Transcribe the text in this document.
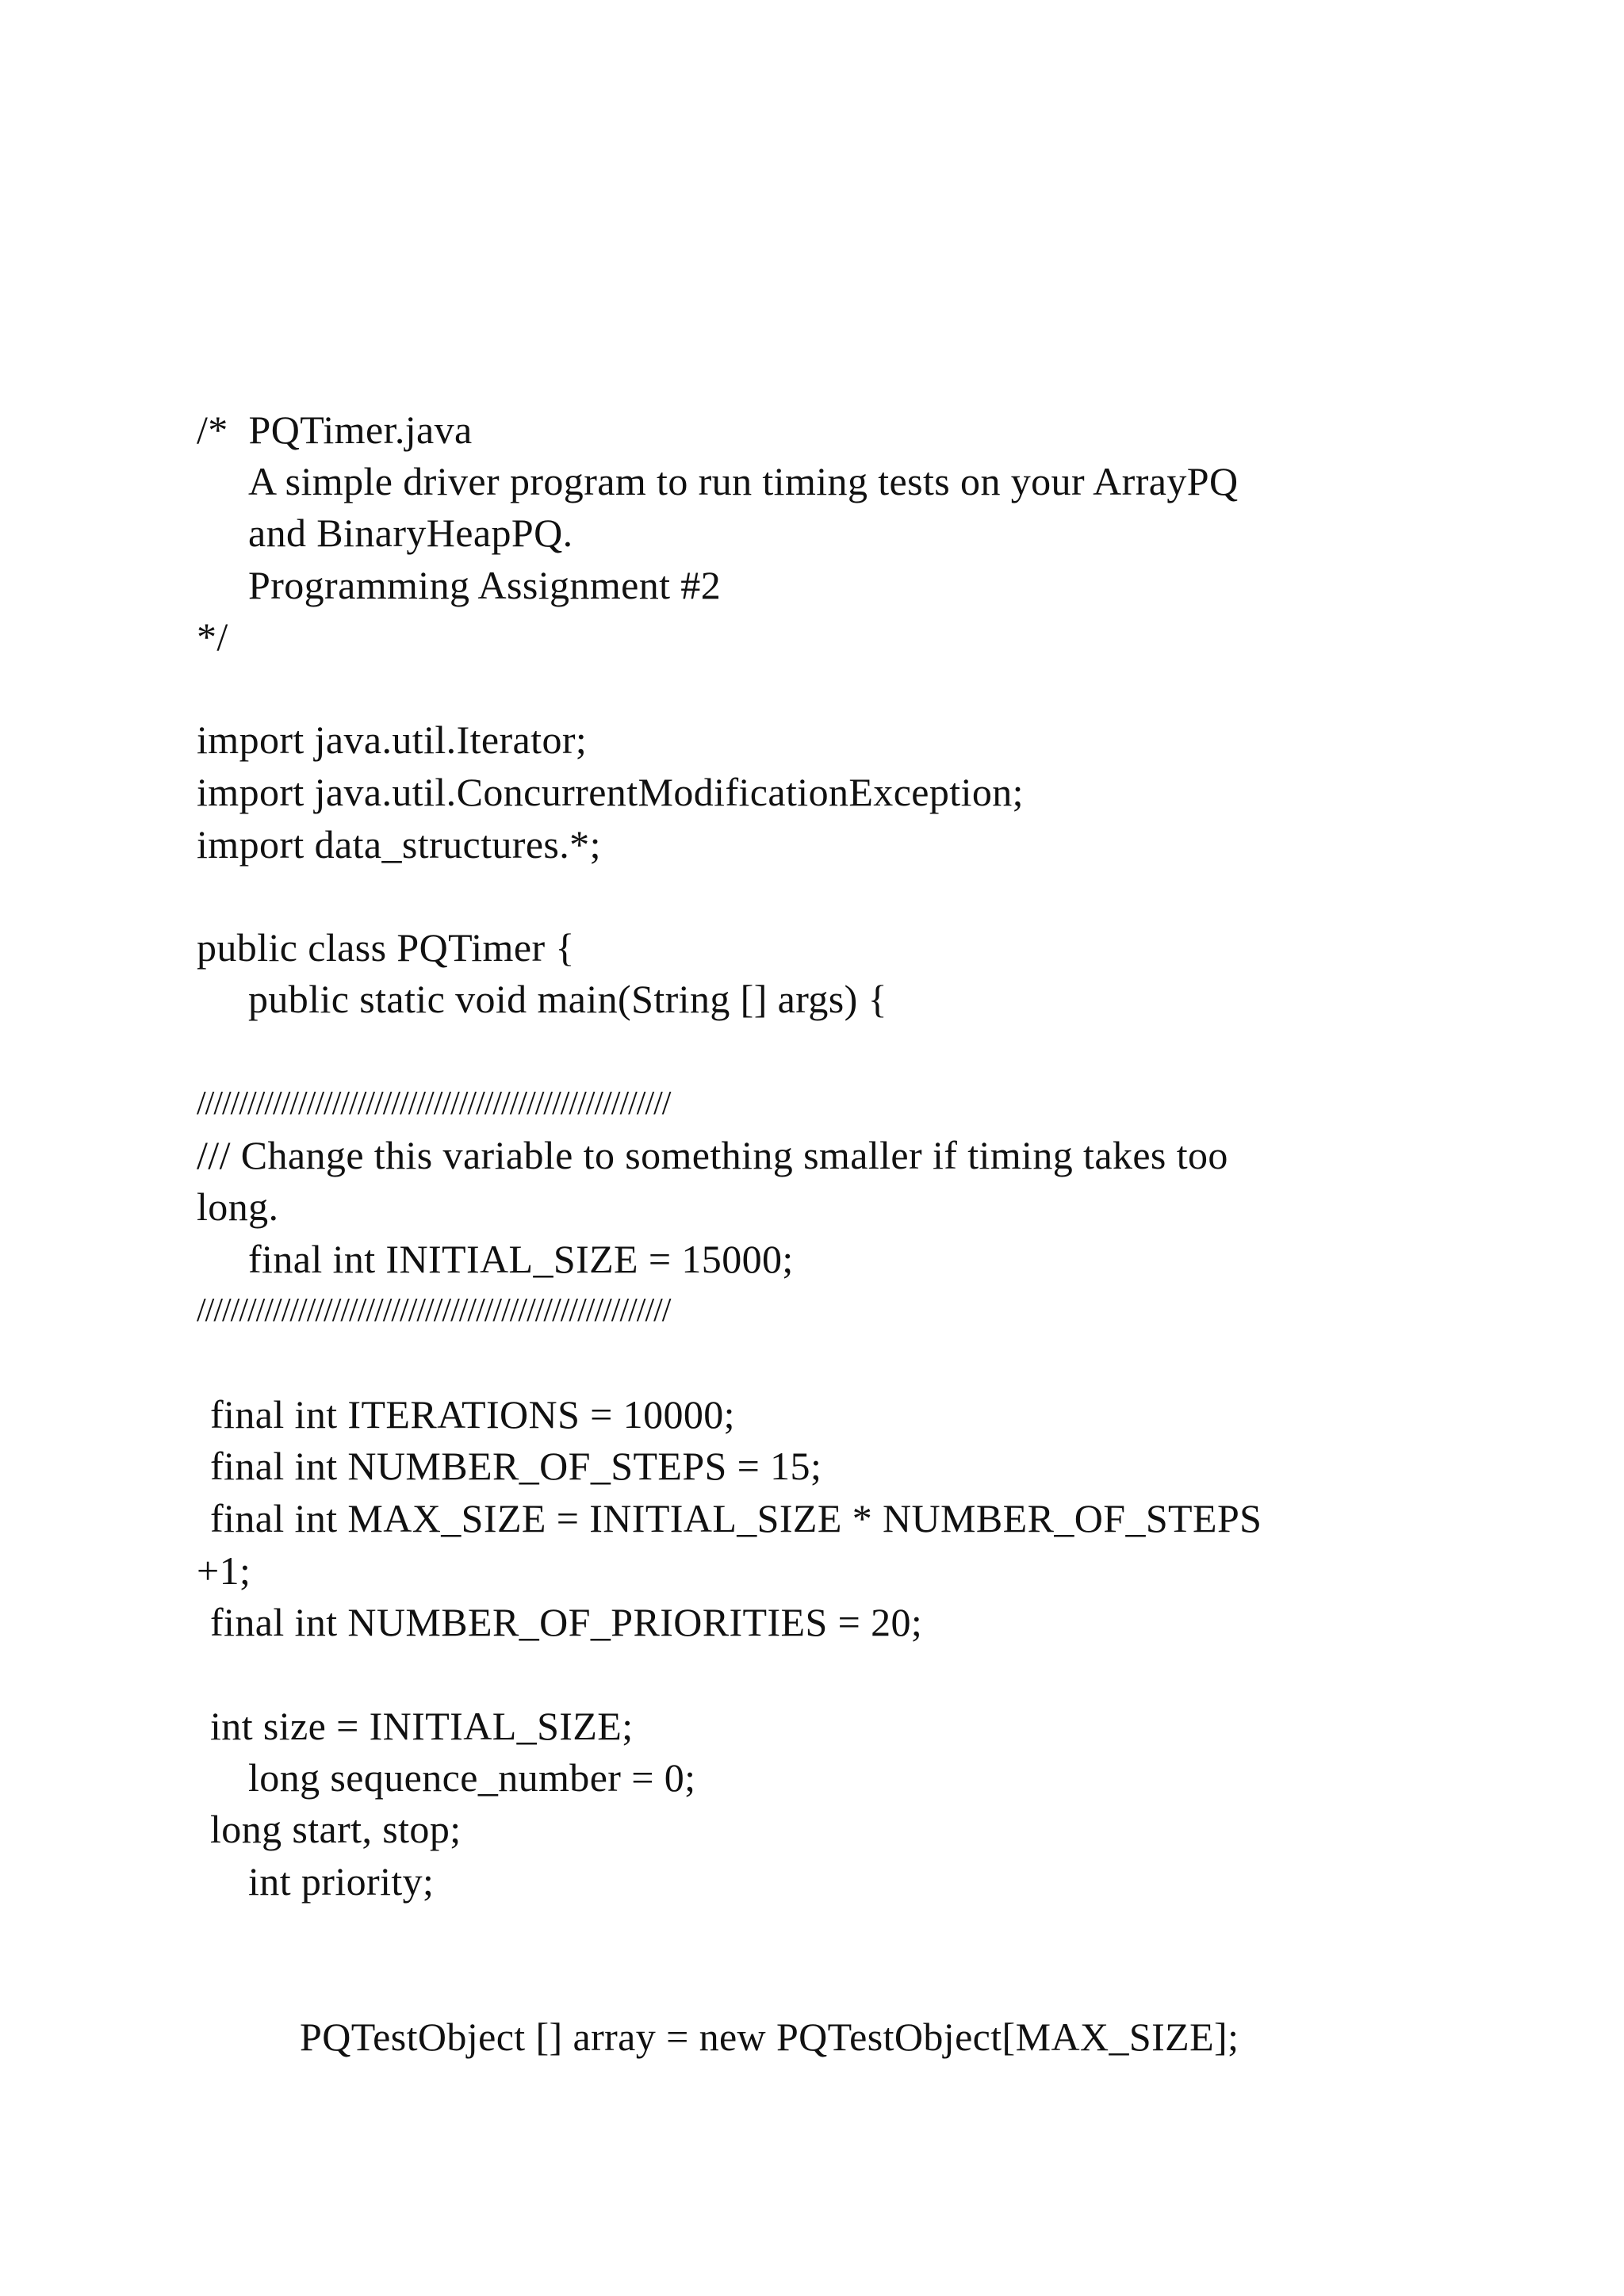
/*  PQTimer.java
A simple driver program to run timing tests on your ArrayPQ
and BinaryHeapPQ.
Programming Assignment #2
*/
import java.util.Iterator;
import java.util.ConcurrentModificationException;
import data_structures.*;
public class PQTimer {
public static void main(String [] args) {
////////////////////////////////////////////////////////
/// Change this variable to something smaller if timing takes too
long.
final int INITIAL_SIZE = 15000;
////////////////////////////////////////////////////////
final int ITERATIONS = 10000;
final int NUMBER_OF_STEPS = 15;
final int MAX_SIZE = INITIAL_SIZE * NUMBER_OF_STEPS
+1;
final int NUMBER_OF_PRIORITIES = 20;
int size = INITIAL_SIZE;
long sequence_number = 0;
long start, stop;
int priority;
PQTestObject [] array = new PQTestObject[MAX_SIZE];
